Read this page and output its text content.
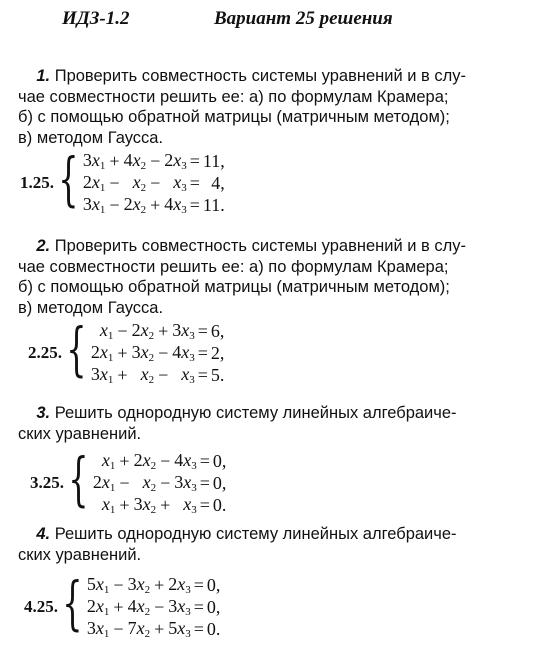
ИДЗ-1.2	Вариант 25 решения
1. Проверить совместность системы уравнений и в слу-
чае совместности решить ее: а) по формулам Крамера;
б) с помощью обратной матрицы (матричным методом);
в) методом Гаусса.
1.25. { $3x_1$	+	$4x_2$	−	$2x_3$	=	11,
$2x_1$	−	$x_2$	−	$x_3$	=	4,
$3x_1$	−	$2x_2$	+	$4x_3$	=	11.
2. Проверить совместность системы уравнений и в слу-
чае совместности решить ее: а) по формулам Крамера;
б) с помощью обратной матрицы (матричным методом);
в) методом Гаусса.
2.25. { $x_1$	−	$2x_2$	+	$3x_3$	=	6,
$2x_1$	+	$3x_2$	−	$4x_3$	=	2,
$3x_1$	+	$x_2$	−	$x_3$	=	5.
3. Решить однородную систему линейных алгебраиче-
ских уравнений.
3.25. { $x_1$	+	$2x_2$	−	$4x_3$	=	0,
$2x_1$	−	$x_2$	−	$3x_3$	=	0,
$x_1$	+	$3x_2$	+	$x_3$	=	0.
4. Решить однородную систему линейных алгебраиче-
ских уравнений.
4.25. { $5x_1$	−	$3x_2$	+	$2x_3$	=	0,
$2x_1$	+	$4x_2$	−	$3x_3$	=	0,
$3x_1$	−	$7x_2$	+	$5x_3$	=	0.
